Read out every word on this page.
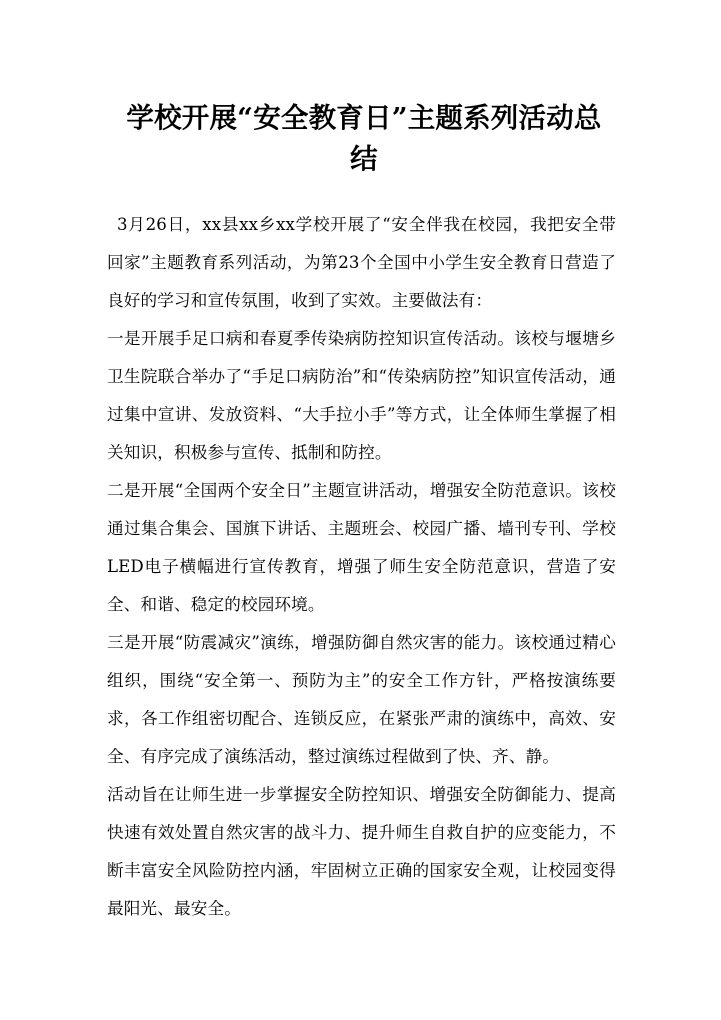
学校开展“安全教育日”主题系列活动总结

3月26日，xx县xx乡xx学校开展了“安全伴我在校园，我把安全带回家”主题教育系列活动，为第23个全国中小学生安全教育日营造了良好的学习和宣传氛围，收到了实效。主要做法有：

一是开展手足口病和春夏季传染病防控知识宣传活动。该校与堰塘乡卫生院联合举办了“手足口病防治”和“传染病防控”知识宣传活动，通过集中宣讲、发放资料、“大手拉小手”等方式，让全体师生掌握了相关知识，积极参与宣传、抵制和防控。

二是开展“全国两个安全日”主题宣讲活动，增强安全防范意识。该校通过集合集会、国旗下讲话、主题班会、校园广播、墙刊专刊、学校LED电子横幅进行宣传教育，增强了师生安全防范意识，营造了安全、和谐、稳定的校园环境。

三是开展“防震减灾”演练，增强防御自然灾害的能力。该校通过精心组织，围绕“安全第一、预防为主”的安全工作方针，严格按演练要求，各工作组密切配合、连锁反应，在紧张严肃的演练中，高效、安全、有序完成了演练活动，整过演练过程做到了快、齐、静。

活动旨在让师生进一步掌握安全防控知识、增强安全防御能力、提高快速有效处置自然灾害的战斗力、提升师生自救自护的应变能力，不断丰富安全风险防控内涵，牢固树立正确的国家安全观，让校园变得最阳光、最安全。
